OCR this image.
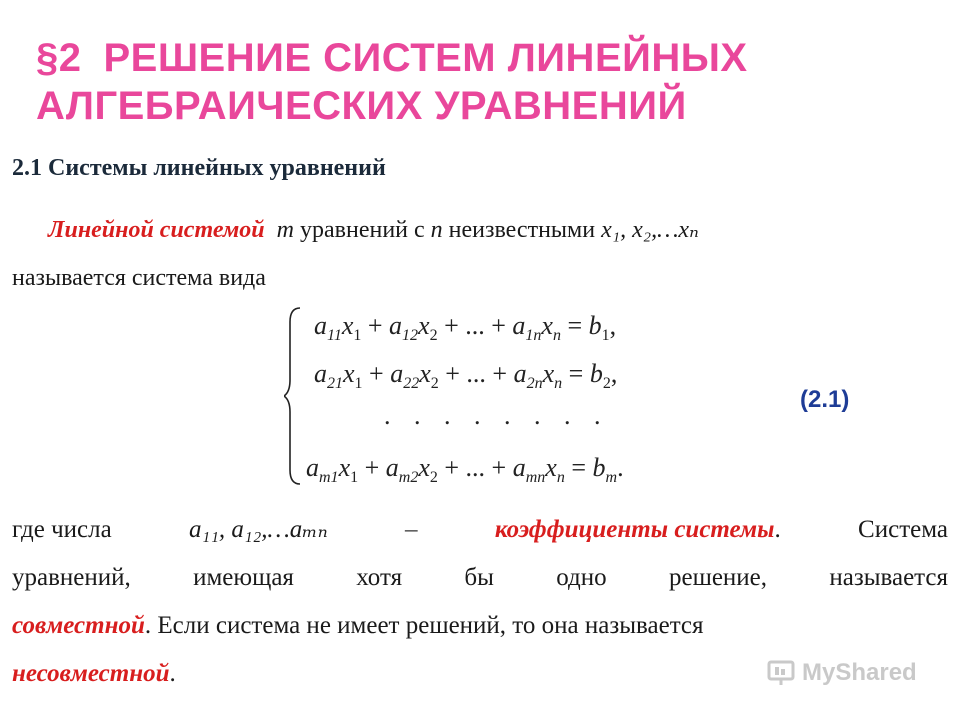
§2 РЕШЕНИЕ СИСТЕМ ЛИНЕЙНЫХ
АЛГЕБРАИЧЕСКИХ УРАВНЕНИЙ
2.1 Системы линейных уравнений
Линейной системой m уравнений с n неизвестными x₁, x₂,…xₙ
называется система вида
$a_{11}x_1 + a_{12}x_2$ + ... + $a_{1n}x_n = b_1$,
$a_{21}x_1 + a_{22}x_2$ + ... + $a_{2n}x_n = b_2$,
. . . . . . . .
$a_{m1}x_1 + a_{m2}x_2$ + ... + $a_{mn}x_n = b_m$.
(2.1)
где числа	a₁₁, a₁₂,…aₘₙ	–	коэффициенты системы.	Система
уравнений, имеющая хотя бы одно решение, называется
совместной. Если система не имеет решений, то она называется
несовместной.	MyShared
